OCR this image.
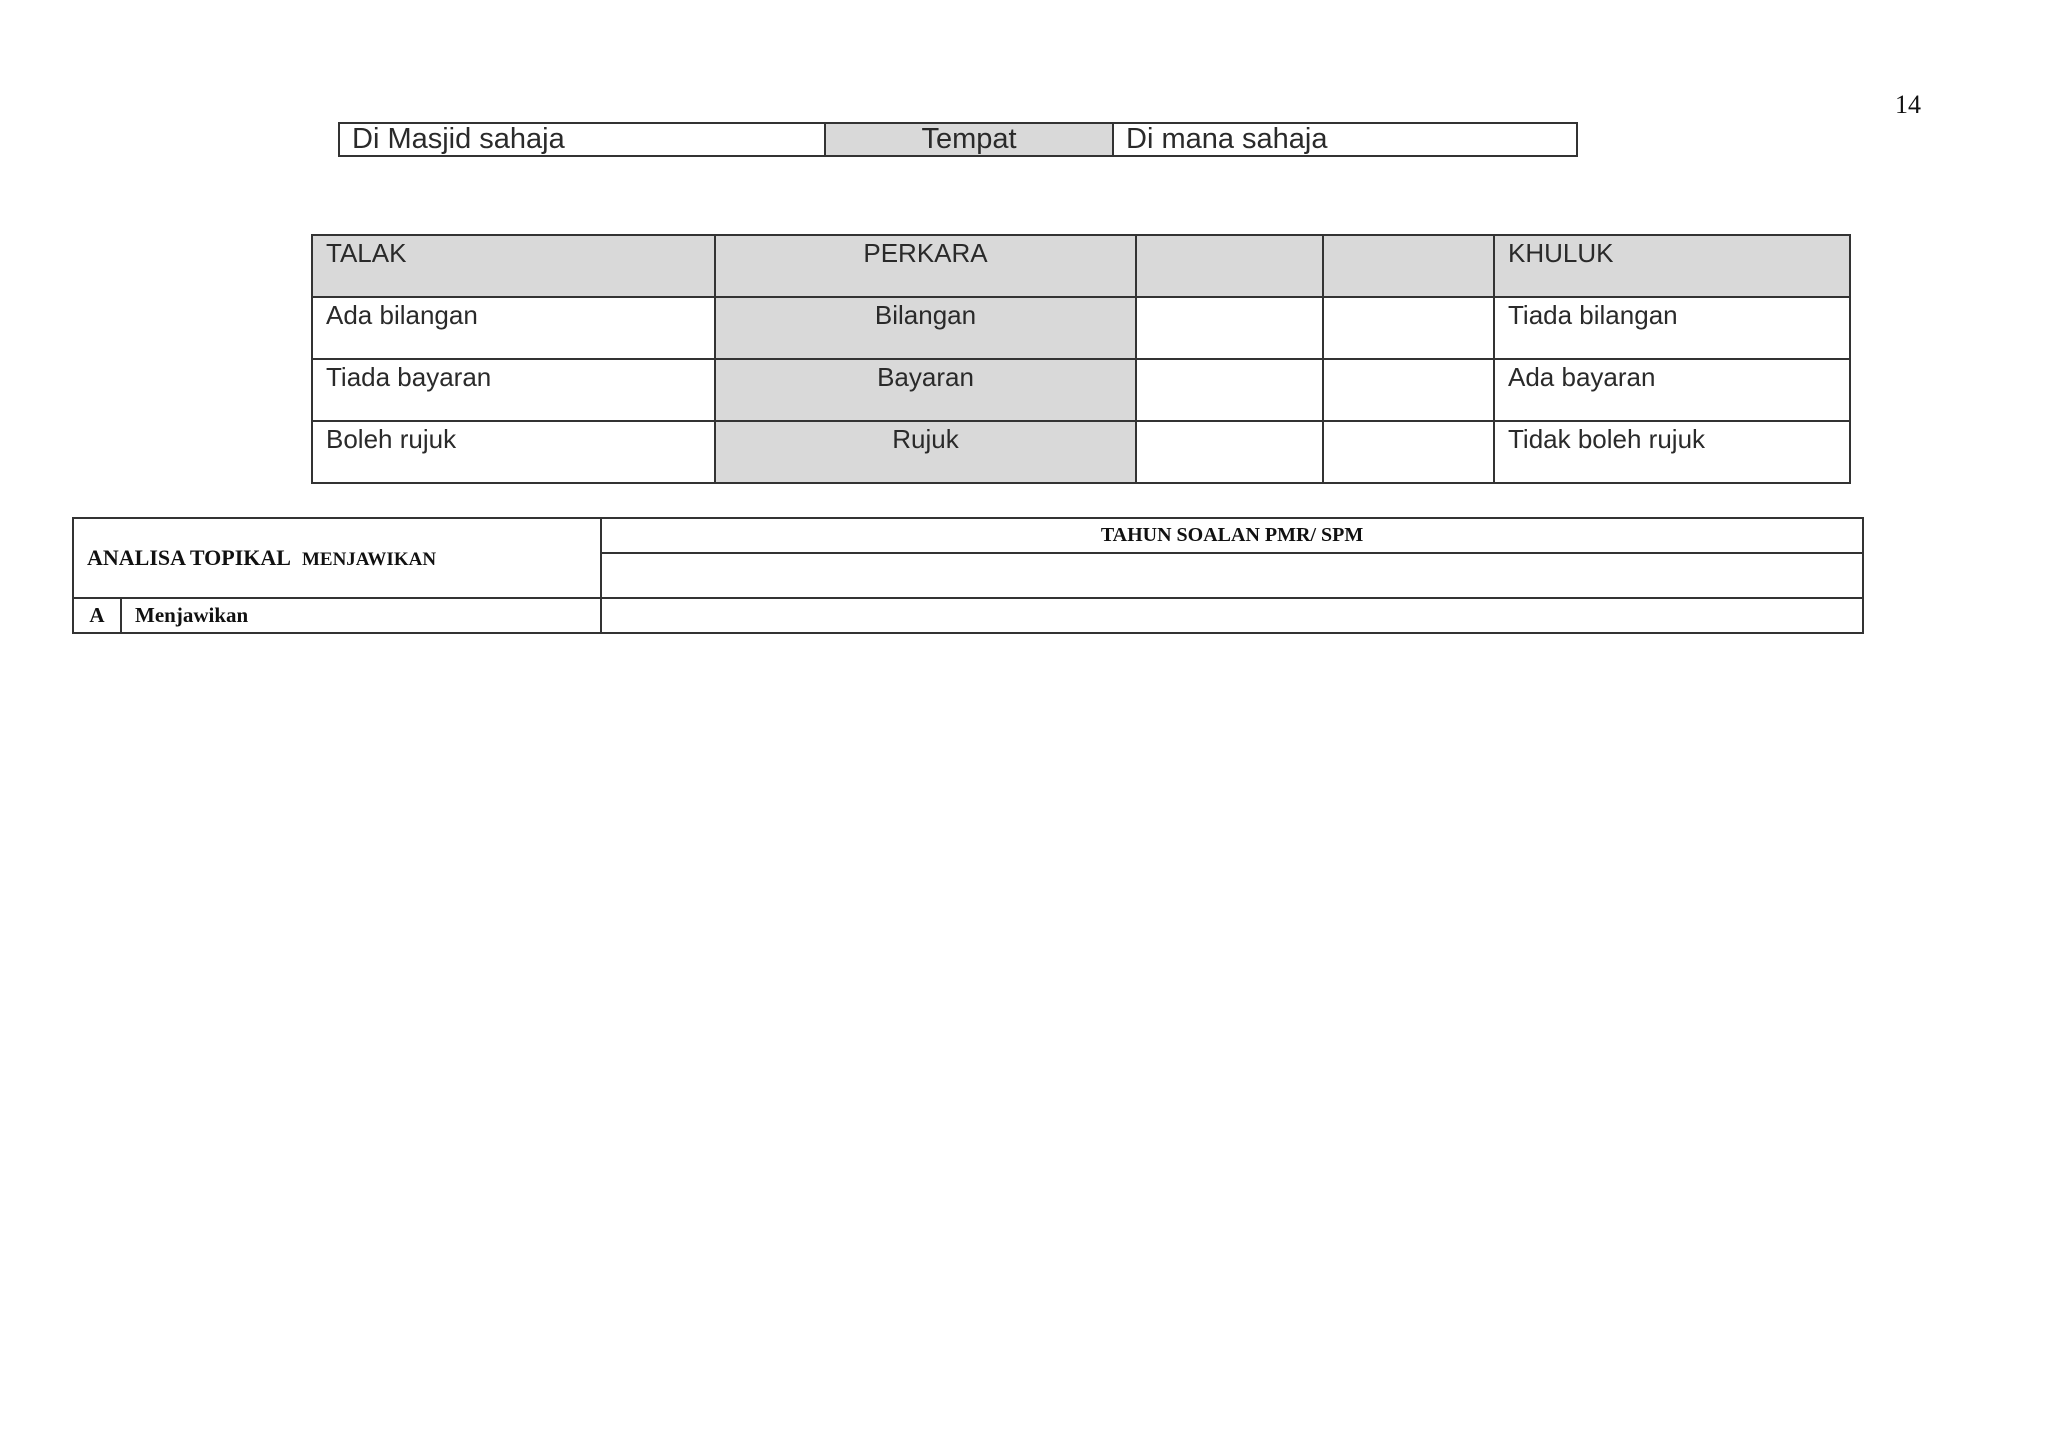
14
Di Masjid sahaja	Tempat	Di mana sahaja
TALAK	PERKARA			KHULUK
Ada bilangan	Bilangan			Tiada bilangan
Tiada bayaran	Bayaran			Ada bayaran
Boleh rujuk	Rujuk			Tidak boleh rujuk
ANALISA TOPIKAL MENJAWIKAN		TAHUN SOALAN PMR/ SPM

A	Menjawikan	
